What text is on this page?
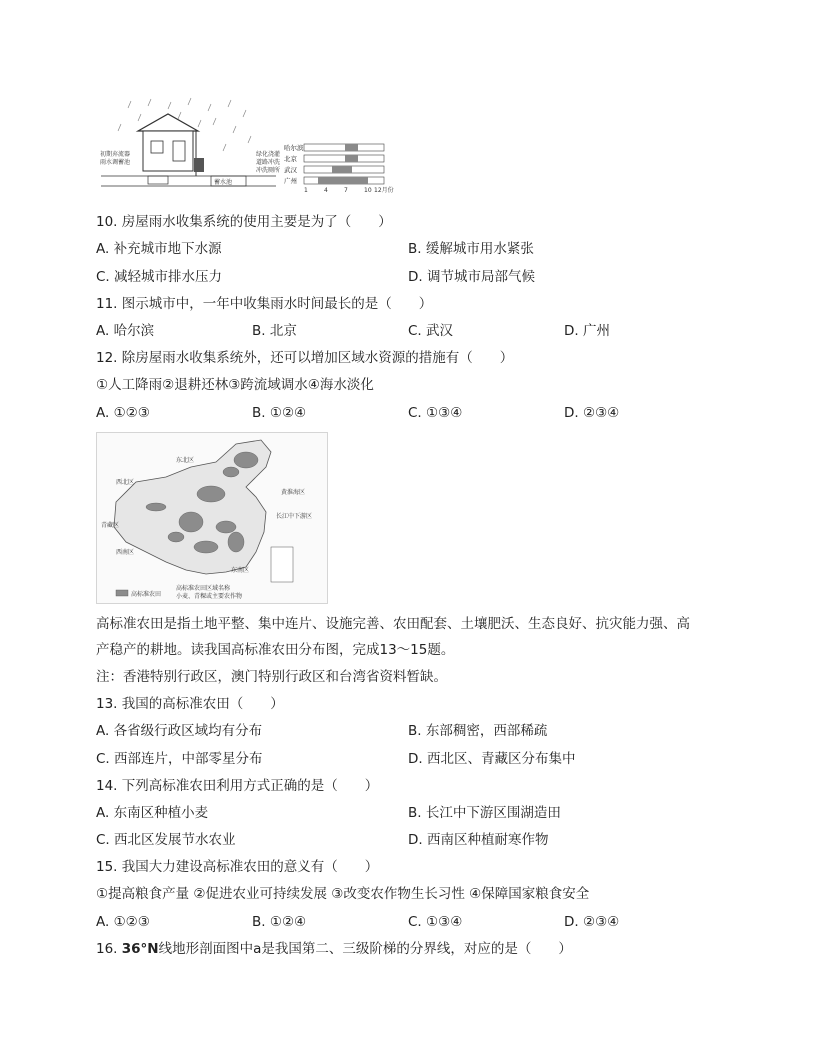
蓄水池
初期弃流器
雨水调蓄池
绿化浇灌
道路冲洗
冲洗厕所
哈尔滨
北京
武汉
广州
1	4	7	10 12月份
10. 房屋雨水收集系统的使用主要是为了（　　）
A. 补充城市地下水源	B. 缓解城市用水紧张
C. 减轻城市排水压力	D. 调节城市局部气候
11. 图示城市中，一年中收集雨水时间最长的是（　　）
A. 哈尔滨	B. 北京	C. 武汉	D. 广州
12. 除房屋雨水收集系统外，还可以增加区域水资源的措施有（　　）
①人工降雨②退耕还林③跨流域调水④海水淡化
A. ①②③	B. ①②④	C. ①③④	D. ②③④
东北区
西北区
黄淮海区
长江中下游区
青藏区
西南区
东南区
高标准农田
高标准农田区域名称
小麦、青稞或主要农作物
高标准农田是指土地平整、集中连片、设施完善、农田配套、土壤肥沃、生态良好、抗灾能力强、高
产稳产的耕地。读我国高标准农田分布图，完成13～15题。
注：香港特别行政区，澳门特别行政区和台湾省资料暂缺。
13. 我国的高标准农田（　　）
A. 各省级行政区域均有分布	B. 东部稠密，西部稀疏
C. 西部连片，中部零星分布	D. 西北区、青藏区分布集中
14. 下列高标准农田利用方式正确的是（　　）
A. 东南区种植小麦	B. 长江中下游区围湖造田
C. 西北区发展节水农业	D. 西南区种植耐寒作物
15. 我国大力建设高标准农田的意义有（　　）
①提高粮食产量 ②促进农业可持续发展 ③改变农作物生长习性 ④保障国家粮食安全
A. ①②③	B. ①②④	C. ①③④	D. ②③④
16. 36°N线地形剖面图中a是我国第二、三级阶梯的分界线，对应的是（　　）
